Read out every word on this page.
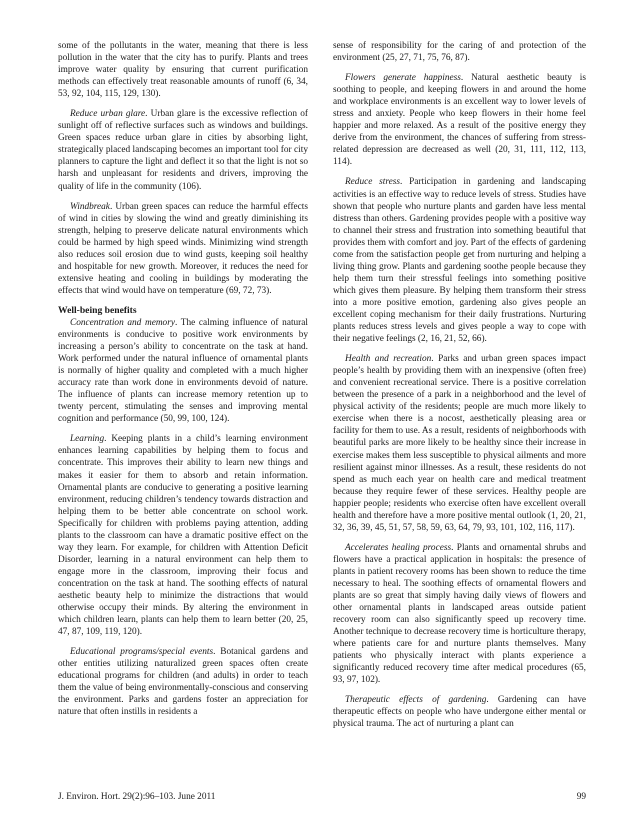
some of the pollutants in the water, meaning that there is less pollution in the water that the city has to purify. Plants and trees improve water quality by ensuring that current purification methods can effectively treat reasonable amounts of runoff (6, 34, 53, 92, 104, 115, 129, 130).

Reduce urban glare. Urban glare is the excessive reflection of sunlight off of reflective surfaces such as windows and buildings. Green spaces reduce urban glare in cities by absorbing light, strategically placed landscaping becomes an important tool for city planners to capture the light and deflect it so that the light is not so harsh and unpleasant for residents and drivers, improving the quality of life in the community (106).

Windbreak. Urban green spaces can reduce the harmful effects of wind in cities by slowing the wind and greatly diminishing its strength, helping to preserve delicate natural environments which could be harmed by high speed winds. Minimizing wind strength also reduces soil erosion due to wind gusts, keeping soil healthy and hospitable for new growth. Moreover, it reduces the need for extensive heating and cooling in buildings by moderating the effects that wind would have on temperature (69, 72, 73).

Well-being benefits

Concentration and memory. The calming influence of natural environments is conducive to positive work environments by increasing a person’s ability to concentrate on the task at hand. Work performed under the natural influence of ornamental plants is normally of higher quality and completed with a much higher accuracy rate than work done in environments devoid of nature. The influence of plants can increase memory retention up to twenty percent, stimulating the senses and improving mental cognition and performance (50, 99, 100, 124).

Learning. Keeping plants in a child’s learning environment enhances learning capabilities by helping them to focus and concentrate. This improves their ability to learn new things and makes it easier for them to absorb and retain information. Ornamental plants are conducive to generating a positive learning environment, reducing children’s tendency towards distraction and helping them to be better able concentrate on school work. Specifically for children with problems paying attention, adding plants to the classroom can have a dramatic positive effect on the way they learn. For example, for children with Attention Deficit Disorder, learning in a natural environment can help them to engage more in the classroom, improving their focus and concentration on the task at hand. The soothing effects of natural aesthetic beauty help to minimize the distractions that would otherwise occupy their minds. By altering the environment in which children learn, plants can help them to learn better (20, 25, 47, 87, 109, 119, 120).

Educational programs/special events. Botanical gardens and other entities utilizing naturalized green spaces often create educational programs for children (and adults) in order to teach them the value of being environmentally-conscious and conserving the environment. Parks and gardens foster an appreciation for nature that often instills in residents a

sense of responsibility for the caring of and protection of the environment (25, 27, 71, 75, 76, 87).

Flowers generate happiness. Natural aesthetic beauty is soothing to people, and keeping flowers in and around the home and workplace environments is an excellent way to lower levels of stress and anxiety. People who keep flowers in their home feel happier and more relaxed. As a result of the positive energy they derive from the environment, the chances of suffering from stress-related depression are decreased as well (20, 31, 111, 112, 113, 114).

Reduce stress. Participation in gardening and landscaping activities is an effective way to reduce levels of stress. Studies have shown that people who nurture plants and garden have less mental distress than others. Gardening provides people with a positive way to channel their stress and frustration into something beautiful that provides them with comfort and joy. Part of the effects of gardening come from the satisfaction people get from nurturing and helping a living thing grow. Plants and gardening soothe people because they help them turn their stressful feelings into something positive which gives them pleasure. By helping them transform their stress into a more positive emotion, gardening also gives people an excellent coping mechanism for their daily frustrations. Nurturing plants reduces stress levels and gives people a way to cope with their negative feelings (2, 16, 21, 52, 66).

Health and recreation. Parks and urban green spaces impact people’s health by providing them with an inexpensive (often free) and convenient recreational service. There is a positive correlation between the presence of a park in a neighborhood and the level of physical activity of the residents; people are much more likely to exercise when there is a nocost, aesthetically pleasing area or facility for them to use. As a result, residents of neighborhoods with beautiful parks are more likely to be healthy since their increase in exercise makes them less susceptible to physical ailments and more resilient against minor illnesses. As a result, these residents do not spend as much each year on health care and medical treatment because they require fewer of these services. Healthy people are happier people; residents who exercise often have excellent overall health and therefore have a more positive mental outlook (1, 20, 21, 32, 36, 39, 45, 51, 57, 58, 59, 63, 64, 79, 93, 101, 102, 116, 117).

Accelerates healing process. Plants and ornamental shrubs and flowers have a practical application in hospitals: the presence of plants in patient recovery rooms has been shown to reduce the time necessary to heal. The soothing effects of ornamental flowers and plants are so great that simply having daily views of flowers and other ornamental plants in landscaped areas outside patient recovery room can also significantly speed up recovery time. Another technique to decrease recovery time is horticulture therapy, where patients care for and nurture plants themselves. Many patients who physically interact with plants experience a significantly reduced recovery time after medical procedures (65, 93, 97, 102).

Therapeutic effects of gardening. Gardening can have therapeutic effects on people who have undergone either mental or physical trauma. The act of nurturing a plant can

J. Environ. Hort. 29(2):96–103. June 2011	99
